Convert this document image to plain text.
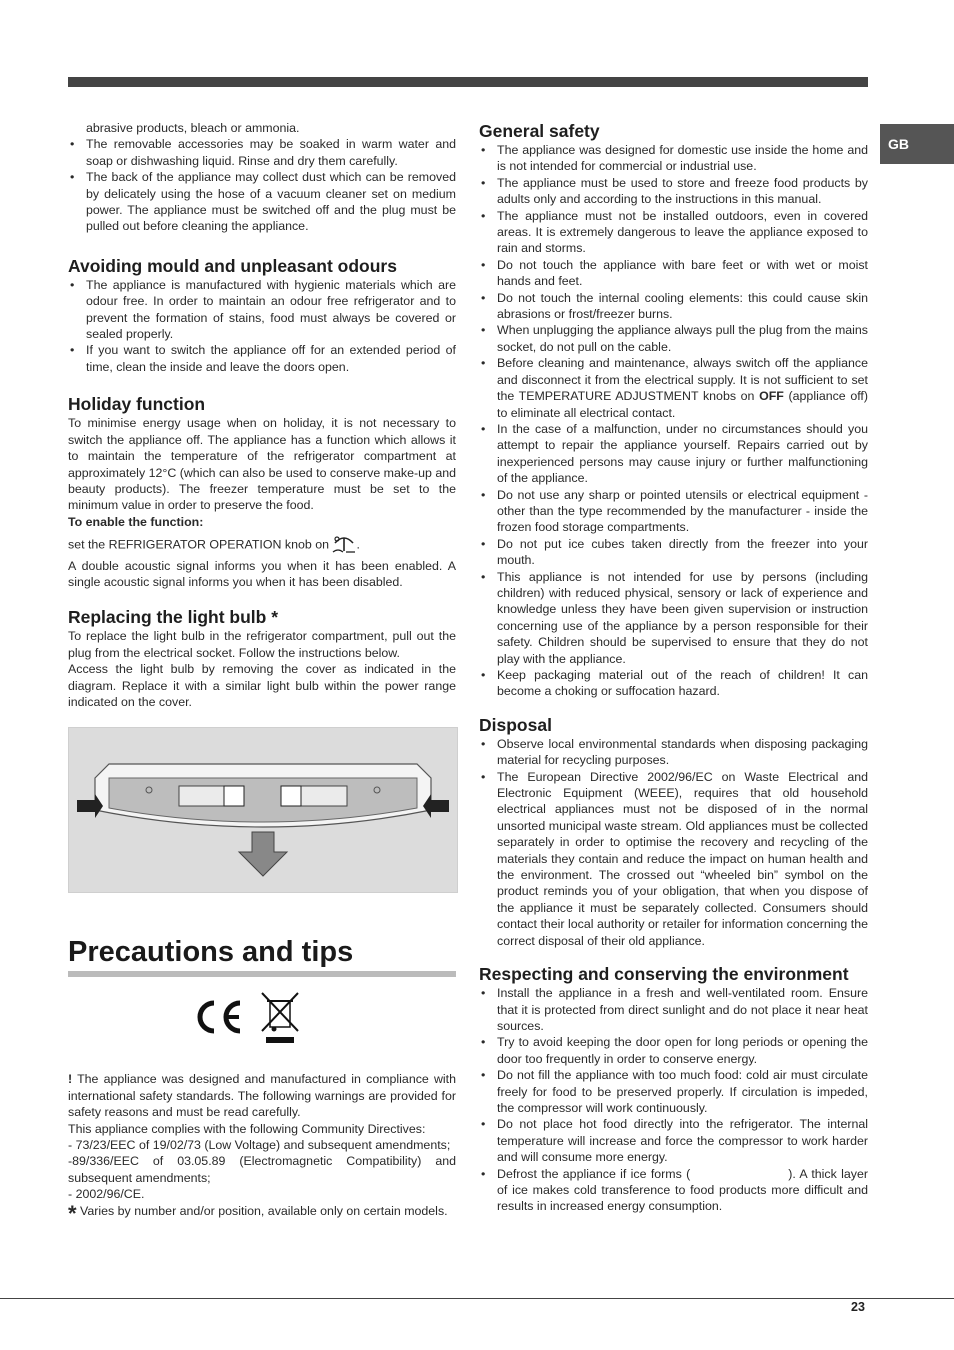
GB
abrasive products, bleach or ammonia.
• The removable accessories may be soaked in warm water and soap or dishwashing liquid. Rinse and dry them carefully.
• The back of the appliance may collect dust which can be removed by delicately using the hose of a vacuum cleaner set on medium power. The appliance must be switched off and the plug must be pulled out before cleaning the appliance.
Avoiding mould and unpleasant odours
• The appliance is manufactured with hygienic materials which are odour free. In order to maintain an odour free refrigerator and to prevent the formation of stains, food must always be covered or sealed properly.
• If you want to switch the appliance off for an extended period of time, clean the inside and leave the doors open.
Holiday function

To minimise energy usage when on holiday, it is not necessary to switch the appliance off. The appliance has a function which allows it to maintain the temperature of the refrigerator compartment at approximately 12°C (which can also be used to conserve make-up and beauty products). The freezer temperature must be set to the minimum value in order to preserve the food.

To enable the function:

set the REFRIGERATOR OPERATION knob on .

A double acoustic signal informs you when it has been enabled. A single acoustic signal informs you when it has been disabled.

Replacing the light bulb *

To replace the light bulb in the refrigerator compartment, pull out the plug from the electrical socket. Follow the instructions below.

Access the light bulb by removing the cover as indicated in the diagram. Replace it with a similar light bulb within the power range indicated on the cover.

Precautions and tips

! The appliance was designed and manufactured in compliance with international safety standards. The following warnings are provided for safety reasons and must be read carefully.

This appliance complies with the following Community Directives:

- 73/23/EEC of 19/02/73 (Low Voltage) and subsequent amendments;

-89/336/EEC of 03.05.89 (Electromagnetic Compatibility) and subsequent amendments;

- 2002/96/CE.

* Varies by number and/or position, available only on certain models.

General safety
• The appliance was designed for domestic use inside the home and is not intended for commercial or industrial use.
• The appliance must be used to store and freeze food products by adults only and according to the instructions in this manual.
• The appliance must not be installed outdoors, even in covered areas. It is extremely dangerous to leave the appliance exposed to rain and storms.
• Do not touch the appliance with bare feet or with wet or moist hands and feet.
• Do not touch the internal cooling elements: this could cause skin abrasions or frost/freezer burns.
• When unplugging the appliance always pull the plug from the mains socket, do not pull on the cable.
• Before cleaning and maintenance, always switch off the appliance and disconnect it from the electrical supply. It is not sufficient to set the TEMPERATURE ADJUSTMENT knobs on OFF (appliance off) to eliminate all electrical contact.
• In the case of a malfunction, under no circumstances should you attempt to repair the appliance yourself. Repairs carried out by inexperienced persons may cause injury or further malfunctioning of the appliance.
• Do not use any sharp or pointed utensils or electrical equipment - other than the type recommended by the manufacturer - inside the frozen food storage compartments.
• Do not put ice cubes taken directly from the freezer into your mouth.
• This appliance is not intended for use by persons (including children) with reduced physical, sensory or lack of experience and knowledge unless they have been given supervision or instruction concerning use of the appliance by a person responsible for their safety. Children should be supervised to ensure that they do not play with the appliance.
• Keep packaging material out of the reach of children! It can become a choking or suffocation hazard.
Disposal
• Observe local environmental standards when disposing packaging material for recycling purposes.
• The European Directive 2002/96/EC on Waste Electrical and Electronic Equipment (WEEE), requires that old household electrical appliances must not be disposed of in the normal unsorted municipal waste stream. Old appliances must be collected separately in order to optimise the recovery and recycling of the materials they contain and reduce the impact on human health and the environment. The crossed out “wheeled bin” symbol on the product reminds you of your obligation, that when you dispose of the appliance it must be separately collected. Consumers should contact their local authority or retailer for information concerning the correct disposal of their old appliance.
Respecting and conserving the environment
• Install the appliance in a fresh and well-ventilated room. Ensure that it is protected from direct sunlight and do not place it near heat sources.
• Try to avoid keeping the door open for long periods or opening the door too frequently in order to conserve energy.
• Do not fill the appliance with too much food: cold air must circulate freely for food to be preserved properly. If circulation is impeded, the compressor will work continuously.
• Do not place hot food directly into the refrigerator. The internal temperature will increase and force the compressor to work harder and will consume more energy.
• Defrost the appliance if ice forms (	). A thick layer of ice makes cold transference to food products more difficult and results in increased energy consumption.
23
